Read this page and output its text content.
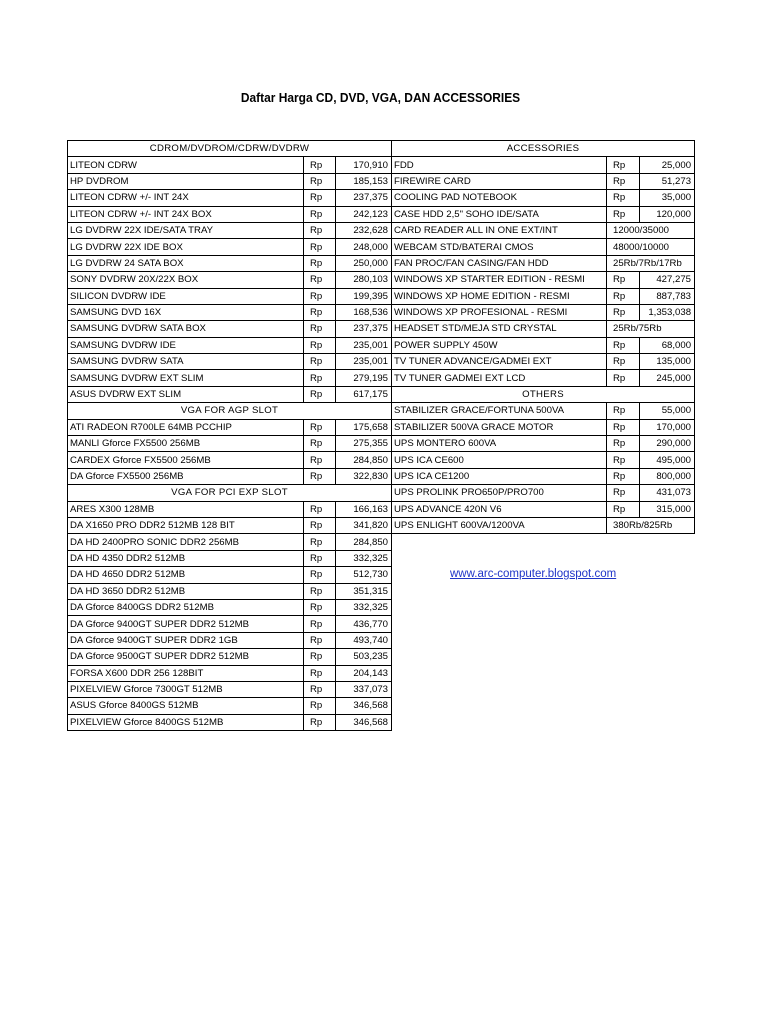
Daftar Harga CD, DVD, VGA, DAN ACCESSORIES
CDROM/DVDROM/CDRW/DVDRW		
LITEON CDRW	Rp	170,910
HP DVDROM	Rp	185,153
LITEON CDRW +/- INT 24X	Rp	237,375
LITEON CDRW +/- INT 24X BOX	Rp	242,123
LG DVDRW 22X IDE/SATA TRAY	Rp	232,628
LG DVDRW 22X IDE BOX	Rp	248,000
LG DVDRW 24 SATA BOX	Rp	250,000
SONY DVDRW 20X/22X BOX	Rp	280,103
SILICON DVDRW IDE	Rp	199,395
SAMSUNG DVD 16X	Rp	168,536
SAMSUNG DVDRW SATA BOX	Rp	237,375
SAMSUNG DVDRW IDE	Rp	235,001
SAMSUNG DVDRW SATA	Rp	235,001
SAMSUNG DVDRW EXT SLIM	Rp	279,195
ASUS DVDRW EXT SLIM	Rp	617,175
VGA FOR AGP SLOT		
ATI RADEON R700LE 64MB PCCHIP	Rp	175,658
MANLI Gforce FX5500 256MB	Rp	275,355
CARDEX Gforce FX5500 256MB	Rp	284,850
DA Gforce FX5500 256MB	Rp	322,830
VGA FOR PCI EXP SLOT		
ARES X300 128MB	Rp	166,163
DA X1650 PRO DDR2 512MB 128 BIT	Rp	341,820
DA HD 2400PRO SONIC DDR2 256MB	Rp	284,850
DA HD 4350 DDR2 512MB	Rp	332,325
DA HD 4650 DDR2 512MB	Rp	512,730
DA HD 3650 DDR2 512MB	Rp	351,315
DA Gforce 8400GS DDR2 512MB	Rp	332,325
DA Gforce 9400GT SUPER DDR2 512MB	Rp	436,770
DA Gforce 9400GT SUPER DDR2 1GB	Rp	493,740
DA Gforce 9500GT SUPER DDR2 512MB	Rp	503,235
FORSA X600 DDR 256 128BIT	Rp	204,143
PIXELVIEW Gforce 7300GT 512MB	Rp	337,073
ASUS Gforce 8400GS 512MB	Rp	346,568
PIXELVIEW Gforce 8400GS 512MB	Rp	346,568
ACCESSORIES		
FDD	Rp	25,000
FIREWIRE CARD	Rp	51,273
COOLING PAD NOTEBOOK	Rp	35,000
CASE HDD 2,5" SOHO IDE/SATA	Rp	120,000
CARD READER ALL IN ONE EXT/INT	12000/35000	
WEBCAM STD/BATERAI CMOS	48000/10000	
FAN PROC/FAN CASING/FAN HDD	25Rb/7Rb/17Rb	
WINDOWS XP STARTER EDITION - RESMI	Rp	427,275
WINDOWS XP HOME EDITION - RESMI	Rp	887,783
WINDOWS XP PROFESIONAL - RESMI	Rp	1,353,038
HEADSET STD/MEJA STD CRYSTAL	25Rb/75Rb	
POWER SUPPLY 450W	Rp	68,000
TV TUNER ADVANCE/GADMEI EXT	Rp	135,000
TV TUNER GADMEI EXT LCD	Rp	245,000
OTHERS		
STABILIZER GRACE/FORTUNA 500VA	Rp	55,000
STABILIZER 500VA GRACE MOTOR	Rp	170,000
UPS MONTERO 600VA	Rp	290,000
UPS ICA CE600	Rp	495,000
UPS ICA CE1200	Rp	800,000
UPS PROLINK PRO650P/PRO700	Rp	431,073
UPS ADVANCE 420N V6	Rp	315,000
UPS ENLIGHT 600VA/1200VA	380Rb/825Rb	
www.arc-computer.blogspot.com
